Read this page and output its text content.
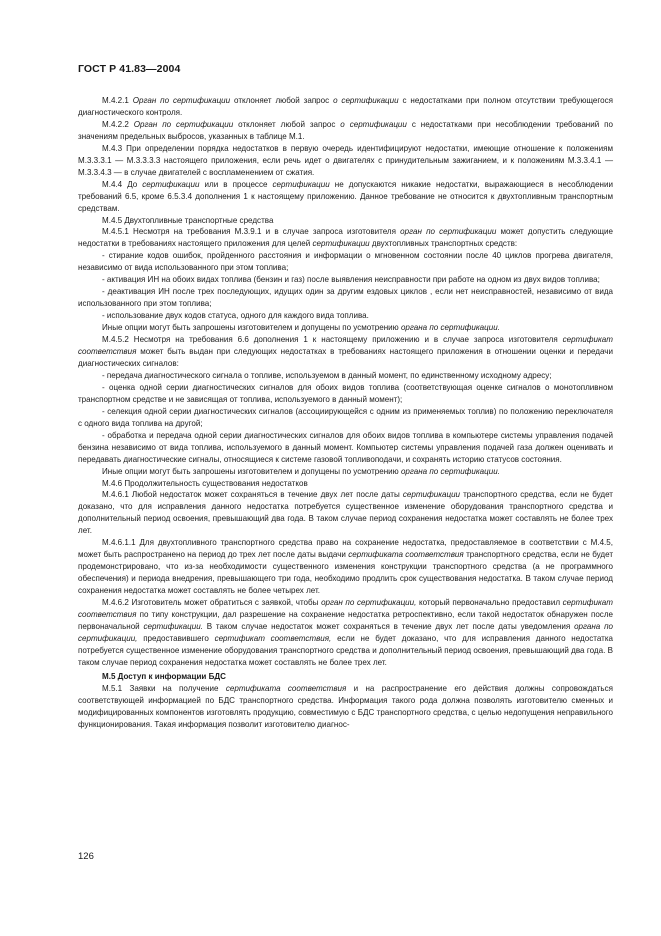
ГОСТ Р 41.83—2004

М.4.2.1 Орган по сертификации отклоняет любой запрос о сертификации с недостатками при полном отсутствии требующегося диагностического контроля.

М.4.2.2 Орган по сертификации отклоняет любой запрос о сертификации с недостатками при несоблюдении требований по значениям предельных выбросов, указанных в таблице М.1.

М.4.3 При определении порядка недостатков в первую очередь идентифицируют недостатки, имеющие отношение к положениям М.3.3.3.1 — М.3.3.3.3 настоящего приложения, если речь идет о двигателях с принудительным зажиганием, и к положениям М.3.3.4.1 — М.3.3.4.3 — в случае двигателей с воспламенением от сжатия.

М.4.4 До сертификации или в процессе сертификации не допускаются никакие недостатки, выражающиеся в несоблюдении требований 6.5, кроме 6.5.3.4 дополнения 1 к настоящему приложению. Данное требование не относится к двухтопливным транспортным средствам.

М.4.5 Двухтопливные транспортные средства

М.4.5.1 Несмотря на требования М.3.9.1 и в случае запроса изготовителя орган по сертификации может допустить следующие недостатки в требованиях настоящего приложения для целей сертификации двухтопливных транспортных средств:

- стирание кодов ошибок, пройденного расстояния и информации о мгновенном состоянии после 40 циклов прогрева двигателя, независимо от вида использованного при этом топлива;

- активация ИН на обоих видах топлива (бензин и газ) после выявления неисправности при работе на одном из двух видов топлива;

- деактивация ИН после трех последующих, идущих один за другим ездовых циклов , если нет неисправностей, независимо от вида использованного при этом топлива;

- использование двух кодов статуса, одного для каждого вида топлива.

Иные опции могут быть запрошены изготовителем и допущены по усмотрению органа по сертификации.

М.4.5.2 Несмотря на требования 6.6 дополнения 1 к настоящему приложению и в случае запроса изготовителя сертификат соответствия может быть выдан при следующих недостатках в требованиях настоящего приложения в отношении оценки и передачи диагностических сигналов:

- передача диагностического сигнала о топливе, используемом в данный момент, по единственному исходному адресу;

- оценка одной серии диагностических сигналов для обоих видов топлива (соответствующая оценке сигналов о монотопливном транспортном средстве и не зависящая от топлива, используемого в данный момент);

- селекция одной серии диагностических сигналов (ассоциирующейся с одним из применяемых топлив) по положению переключателя с одного вида топлива на другой;

- обработка и передача одной серии диагностических сигналов для обоих видов топлива в компьютере системы управления подачей бензина независимо от вида топлива, используемого в данный момент. Компьютер системы управления подачей газа должен оценивать и передавать диагностические сигналы, относящиеся к системе газовой топливоподачи, и сохранять историю статусов состояния.

Иные опции могут быть запрошены изготовителем и допущены по усмотрению органа по сертификации.

М.4.6 Продолжительность существования недостатков

М.4.6.1 Любой недостаток может сохраняться в течение двух лет после даты сертификации транспортного средства, если не будет доказано, что для исправления данного недостатка потребуется существенное изменение оборудования транспортного средства и дополнительный период освоения, превышающий два года. В таком случае период сохранения недостатка может составлять не более трех лет.

М.4.6.1.1 Для двухтопливного транспортного средства право на сохранение недостатка, предоставляемое в соответствии с М.4.5, может быть распространено на период до трех лет после даты выдачи сертификата соответствия транспортного средства, если не будет продемонстрировано, что из-за необходимости существенного изменения конструкции транспортного средства (а не программного обеспечения) и периода внедрения, превышающего три года, необходимо продлить срок существования недостатка. В таком случае период сохранения недостатка может составлять не более четырех лет.

М.4.6.2 Изготовитель может обратиться с заявкой, чтобы орган по сертификации, который первоначально предоставил сертификат соответствия по типу конструкции, дал разрешение на сохранение недостатка ретроспективно, если такой недостаток обнаружен после первоначальной сертификации. В таком случае недостаток может сохраняться в течение двух лет после даты уведомления органа по сертификации, предоставившего сертификат соответствия, если не будет доказано, что для исправления данного недостатка потребуется существенное изменение оборудования транспортного средства и дополнительный период освоения, превышающий два года. В таком случае период сохранения недостатка может составлять не более трех лет.

М.5 Доступ к информации БДС

М.5.1 Заявки на получение сертификата соответствия и на распространение его действия должны сопровождаться соответствующей информацией по БДС транспортного средства. Информация такого рода должна позволять изготовителю сменных и модифицированных компонентов изготовлять продукцию, совместимую с БДС транспортного средства, с целью недопущения неправильного функционирования. Такая информация позволит изготовителю диагнос-

126
